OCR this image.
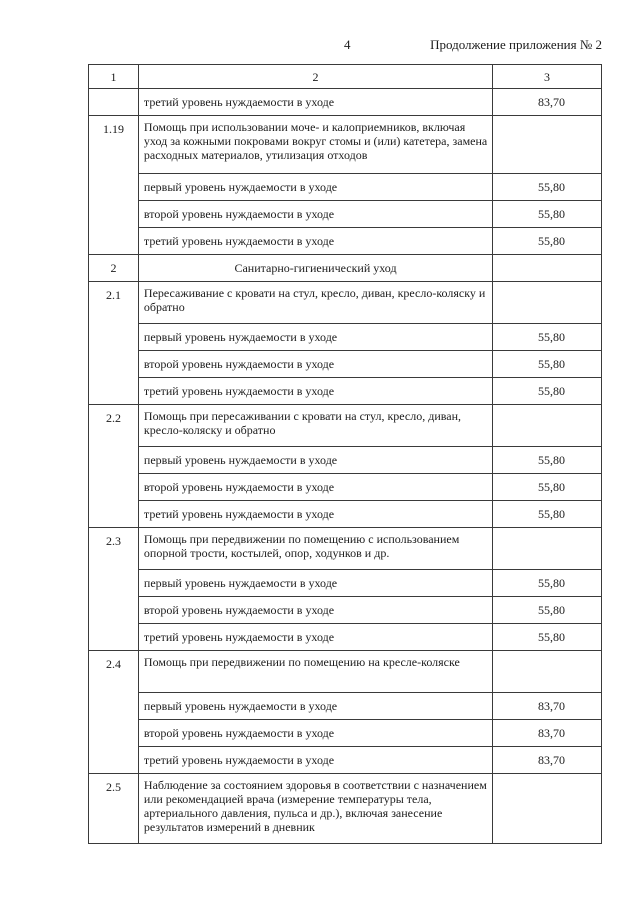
4	Продолжение приложения № 2
1	2	3
	третий уровень нуждаемости в уходе	83,70
1.19	Помощь при использовании моче- и калоприемников, включая уход за кожными покровами вокруг стомы и (или) катетера, замена расходных материалов, утилизация отходов	
	первый уровень нуждаемости в уходе	55,80
	второй уровень нуждаемости в уходе	55,80
	третий уровень нуждаемости в уходе	55,80
2	Санитарно-гигиенический уход	
2.1	Пересаживание с кровати на стул, кресло, диван, кресло-коляску и обратно	
	первый уровень нуждаемости в уходе	55,80
	второй уровень нуждаемости в уходе	55,80
	третий уровень нуждаемости в уходе	55,80
2.2	Помощь при пересаживании с кровати на стул, кресло, диван, кресло-коляску и обратно	
	первый уровень нуждаемости в уходе	55,80
	второй уровень нуждаемости в уходе	55,80
	третий уровень нуждаемости в уходе	55,80
2.3	Помощь при передвижении по помещению с использованием опорной трости, костылей, опор, ходунков и др.	
	первый уровень нуждаемости в уходе	55,80
	второй уровень нуждаемости в уходе	55,80
	третий уровень нуждаемости в уходе	55,80
2.4	Помощь при передвижении по помещению на кресле-коляске	
	первый уровень нуждаемости в уходе	83,70
	второй уровень нуждаемости в уходе	83,70
	третий уровень нуждаемости в уходе	83,70
2.5	Наблюдение за состоянием здоровья в соответствии с назначением или рекомендацией врача (измерение температуры тела, артериального давления, пульса и др.), включая занесение результатов измерений в дневник	
